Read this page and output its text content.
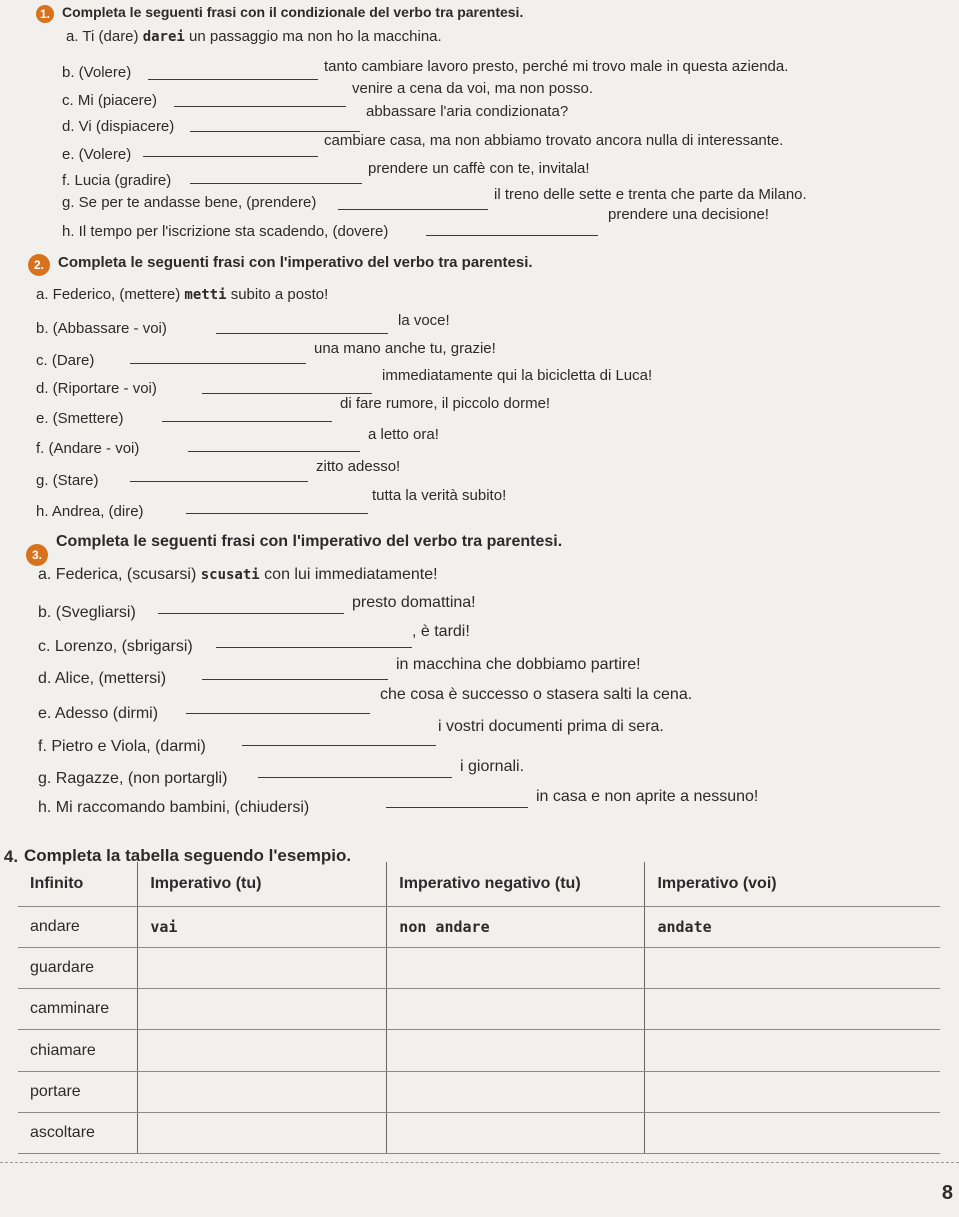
1. Completa le seguenti frasi con il condizionale del verbo tra parentesi.
a. Ti (dare) darei un passaggio ma non ho la macchina.
b. (Volere)	tanto cambiare lavoro presto, perché mi trovo male in questa azienda.
c. Mi (piacere)
venire a cena da voi, ma non posso.
d. Vi (dispiacere)
abbassare l'aria condizionata?
e. (Volere)
cambiare casa, ma non abbiamo trovato ancora nulla di interessante.
f. Lucia (gradire)
prendere un caffè con te, invitala!
g. Se per te andasse bene, (prendere)	il treno delle sette e trenta che parte da Milano.
h. Il tempo per l'iscrizione sta scadendo, (dovere)
prendere una decisione!
2. Completa le seguenti frasi con l'imperativo del verbo tra parentesi.
a. Federico, (mettere) metti subito a posto!
b. (Abbassare - voi)	la voce!
c. (Dare)
una mano anche tu, grazie!
d. (Riportare - voi)
immediatamente qui la bicicletta di Luca!
e. (Smettere)
di fare rumore, il piccolo dorme!
f. (Andare - voi)
a letto ora!
g. (Stare)
zitto adesso!
h. Andrea, (dire)
tutta la verità subito!
3.
Completa le seguenti frasi con l'imperativo del verbo tra parentesi.
a. Federica, (scusarsi) scusati con lui immediatamente!
b. (Svegliarsi)
presto domattina!
c. Lorenzo, (sbrigarsi)
, è tardi!
d. Alice, (mettersi)
in macchina che dobbiamo partire!
e. Adesso (dirmi)
che cosa è successo o stasera salti la cena.
f. Pietro e Viola, (darmi)
i vostri documenti prima di sera.
g. Ragazze, (non portargli)
i giornali.
h. Mi raccomando bambini, (chiudersi)
in casa e non aprite a nessuno!
4. Completa la tabella seguendo l'esempio.
Infinito	Imperativo (tu)	Imperativo negativo (tu)	Imperativo (voi)
andare	vai	non andare	andate
guardare			
camminare			
chiamare			
portare			
ascoltare			
8
